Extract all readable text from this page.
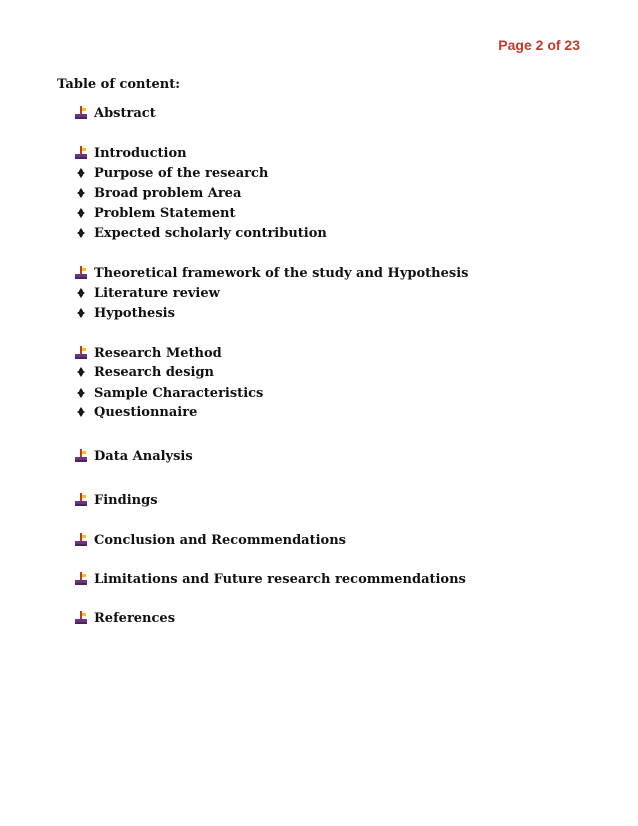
Page 2 of 23
Table of content:
Abstract
Introduction
Purpose of the research
Broad problem Area
Problem Statement
Expected scholarly contribution
Theoretical framework of the study and Hypothesis
Literature review
Hypothesis
Research Method
Research design
Sample Characteristics
Questionnaire
Data Analysis
Findings
Conclusion and Recommendations
Limitations and Future research recommendations
References
